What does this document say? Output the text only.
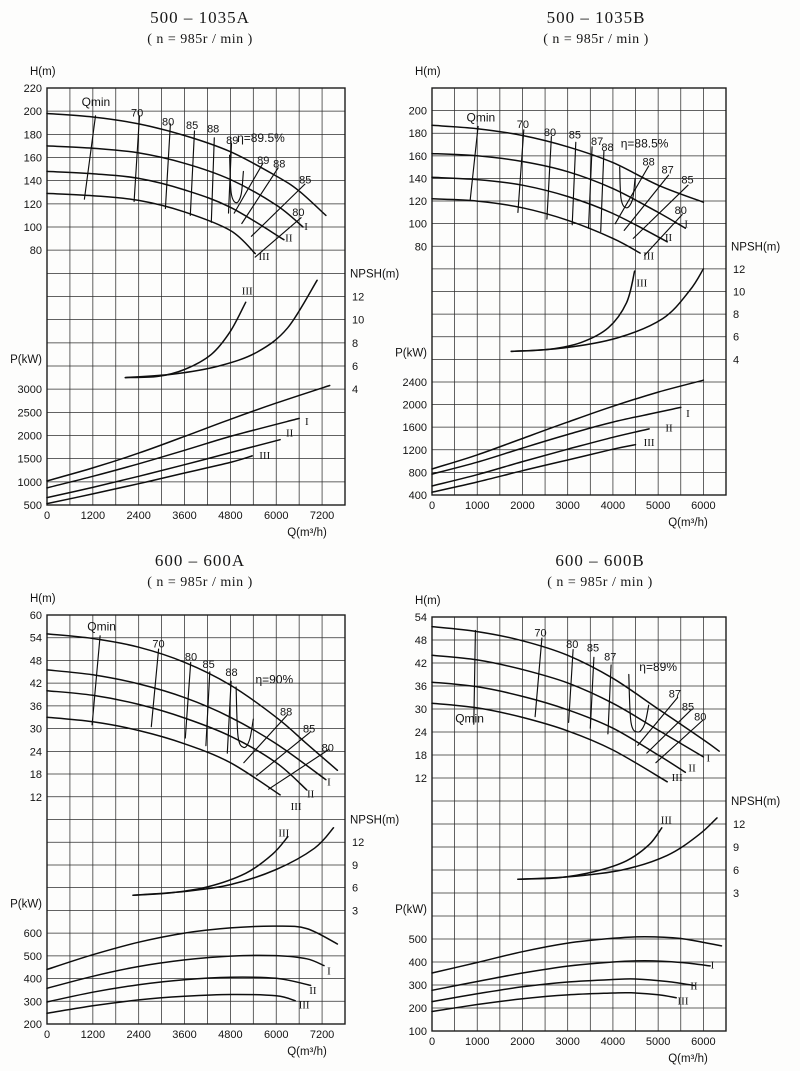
220
200
180
160
140
120
100
80
12
10
8
6
4
3000
2500
2000
1500
1000
500
0	1200 2400 3600 4800 6000 7200
H(m)
NPSH(m)
P(kW)
Q(m³/h)
Qmin
70
80 85 88
89
η=89.5%
89 88
85
80
I
II
III
III
I
II
III
200
180
160
140
120
100
80
12
10
8
6
4
2400
2000
1600
1200
800
400
0	1000 2000 3000 4000 5000 6000
H(m)
NPSH(m)
P(kW)
Q(m³/h)
Qmin
70
80 85
87
88 η=88.5%
88
87
85
80
I
II
III
III
I
II
III
60
54
48
42
36
30
24
18
12
12
9
6
3
600
500
400
300
200
0	1200 2400 3600 4800 6000 7200
H(m)
NPSH(m)
P(kW)
Q(m³/h)
Qmin
70
80
85
88 η=90%
88
85
80
I
II
III
III
I
II
III
54
48
42
36
30
24
18
12
12
9
6
3
500
400
300
200
100
0	1000 2000 3000 4000 5000 6000
H(m)
NPSH(m)
P(kW)
Q(m³/h)
Qmin
70
80 85
87
η=89%
87
85
80
I
II
III
III
I
II
III
500 – 1035A
( n = 985r / min )
500 – 1035B
( n = 985r / min )
600 – 600A
( n = 985r / min )
600 – 600B
( n = 985r / min )
